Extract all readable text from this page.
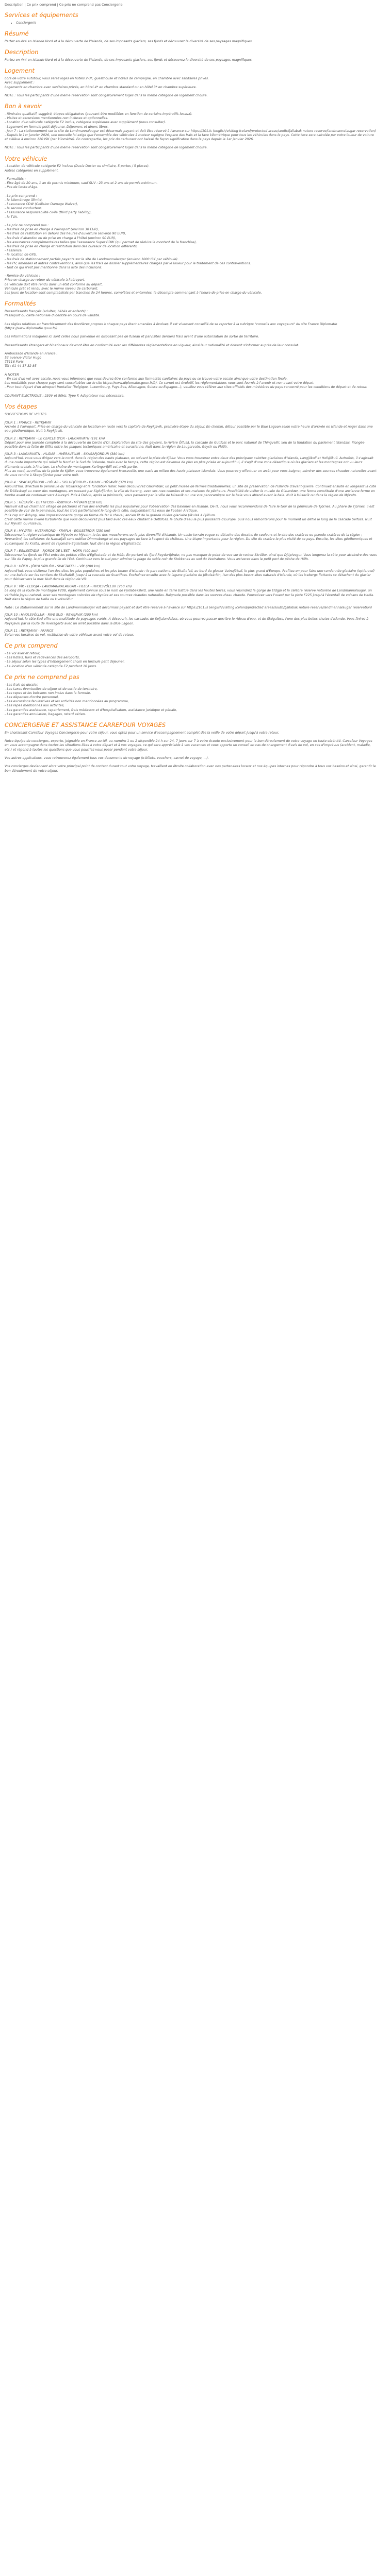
Description | Ce prix comprend | Ce prix ne comprend pas Conciergerie
Services et équipements
• Conciergerie
Résumé

Partez en 4x4 en Islande Nord et à la découverte de l'Islande, de ses imposants glaciers, ses fjords et découvrez la diversité de ses paysages magnifiques.

Description

Partez en 4x4 en Islande Nord et à la découverte de l'Islande, de ses imposants glaciers, ses fjords et découvrez la diversité de ses paysages magnifiques.

Logement
Lors de votre autotour, vous serez logés en hôtels 2-3*, guesthouse et hôtels de campagne, en chambre avec sanitaires privés.
Avec supplément :
Logements en chambre avec sanitaires privés, en hôtel 4* en chambre standard ou en hôtel 3* en chambre supérieure.

NOTE : Tous les participants d'une même réservation sont obligatoirement logés dans la même catégorie de logement choisie.
Bon à savoir
- Itinéraire qualitatif, suggéré, étapes obligatoires (pouvant être modifiées en fonction de certains impératifs locaux).
- Visites et excursions mentionnées non incluses et optionnelles.
- Location d'un véhicule catégorie E2 inclus, catégorie supérieure avec supplément (nous consulter).
- Logement en formule petit déjeuner. Déjeuners et diners libres.
- Jour 7 : La stationnement sur le site de Landmannalaugar est désormais payant et doit être réservé à l'avance sur https://101.is (english/visiting iceland/protected areas/south/fjallabak nature reserve/landmannalaugar reservation)
- Depuis le 1er janvier 2026, une nouvelle loi exige que l'ensemble des véhicules à moteur rejoigne l'espace des frais et la taxe kilométrique pour tous les véhicules dans le pays. Cette taxe sera calculée par votre loueur de voiture et s'élève à environ 120 ISK (par kilomètre). En contrepartie, les prix du carburant ont baissé de façon significative dans le pays depuis le 1er janvier 2026.

NOTE : Tous les participants d'une même réservation sont obligatoirement logés dans la même catégorie de logement choisie.
Votre véhicule
- Location de véhicule catégorie E2 incluse (Dacia Duster ou similaire, 5 portes / 5 places).
Autres catégories en supplément.

- Formalités :
- Être âgé de 20 ans, 1 an de permis minimum, sauf SUV : 23 ans et 2 ans de permis minimum.
- Pas de limite d'âge.

- Le prix comprend :
- le kilométrage illimité,
- l'assurance CDW (Collision Damage Waiver),
- le second conducteur,
- l'assurance responsabilité civile (third party liability),
- la TVA.

- Le prix ne comprend pas :
- les frais de prise en charge à l'aéroport (environ 30 EUR),
- les frais de restitution en dehors des heures d'ouverture (environ 90 EUR),
- les frais d'abandon ou de prise en charge à l'hôtel (environ 90 EUR),
- les assurances complémentaires telles que l'assurance Super CDW (qui permet de réduire le montant de la franchise),
- les frais de prise en charge et restitution dans des bureaux de location différents,
- l'essence,
- la location de GPS,
- les frais de stationnement parfois payants sur le site de Landmannalaugar (environ 1000 ISK par véhicule).
- les PV, amendes et autres contraventions, ainsi que les frais de dossier supplémentaires chargés par le loueur pour le traitement de ces contraventions,
- tout ce qui n'est pas mentionné dans la liste des inclusions.

- Remise du véhicule :
Prise en charge au retour du véhicule à l'aéroport.
Le véhicule doit être rendu dans un état conforme au départ.
Véhicule prêt et rendu avec le même niveau de carburant.
Les jours de location sont comptabilisés par tranches de 24 heures, complètes et entamées, le décompte commençant à l'heure de prise en charge du véhicule.
Formalités
Ressortissants français (adultes, bébés et enfants) :
Passeport ou carte nationale d'identité en cours de validité.

Les règles relatives au franchissement des frontières propres à chaque pays étant amenées à évoluer, il est vivement conseillé de se reporter à la rubrique "conseils aux voyageurs" du site France Diplomatie (https://www.diplomatie.gouv.fr/)

Les informations indiquées ici sont celles nous parvenue en disposant pas de fuseau et parvisites derniers frais avant d'une autorisation de sortie de territoire.

Ressortissants étrangers et binationaux devront être en conformité avec les différentes réglementations en vigueur, ainsi leur nationalité et doivent s'informer auprès de leur consulat.

Ambassade d'Islande en France :
52 avenue Victor Hugo
75116 Paris
Tél : 01 44 17 32 85

À NOTER
- En cas d'un vol avec escale, nous vous informons que vous devrez être conforme aux formalités sanitaires du pays ou se trouve votre escale ainsi que votre destination finale.
Les modalités pour chaque pays sont consultables sur le site https://www.diplomatie.gouv.fr/fr/. Ce carnet est évolutif, les réglementations nous sont fournis à l'avenir et non avant votre départ.
- Pour tout départ d'un aéroport frontalier (Belgique, Luxembourg, Pays-Bas, Allemagne, Suisse ou Espagne...), veuillez vous référer aux sites officiels des ministères du pays concerné pour les conditions de départ et de retour.

COURANT ÉLECTRIQUE : 230V et 50Hz. Type F. Adaptateur non nécessaire.
Vos étapes
SUGGESTIONS DE VISITES
JOUR 1 : FRANCE - REYKJAVIK

Arrivée à l'aéroport. Prise en charge du véhicule de location en route vers la capitale de Reykjavik, première étape du séjour. En chemin, détour possible par le Blue Lagoon selon votre heure d'arrivée en Islande et nager dans une eau géothermique. Nuit à Reykjavik.

JOUR 2 : REYKJAVIK - LE CERCLE D'OR - LAUGARVATN (191 km)

Départ pour une journée complète à la découverte du Cercle d'Or. Exploration du site des geysers, la rivière Ölfusá, la cascade de Gullfoss et le parc national de Thingvellir, lieu de la fondation du parlement islandais. Plongée possible dans la faille de Silfra entre les plaques tectoniques américaine et eurasienne. Nuit dans la région de Laugarvatn, Geysir ou Flúðir.

JOUR 3 : LAUGARVATN - HLIDÁR - HVERAVELLIR - SKAGAFJÖRDUR (380 km)

Aujourd'hui, vous vous dirigez vers le nord, dans la région des hauts plateaux, en suivant la piste de Kjölur. Vous vous trouverez entre deux des principaux calottes glaciaires d'Islande, Langjökull et Hofsjökull. Autrefois, il s'agissait d'une route importante qui reliait la Nord et le Sud de l'Islande, mais avec le temps, cette région est devenue de plus en plus prisée et aujourd'hui, il s'agit d'une zone désertique où les glaciers et les montagnes ont vu leurs éléments croisés à l'horizon. Le chaîne de montagnes Kerlingarfjöll est arrêt partie.
Plus au nord, au milieu de la piste de Kjölur, vous trouverez également Hveravellir, une oasis au milieu des hauts plateaux islandais. Vous pourrez y effectuer un arrêt pour vous baigner, admirer des sources chaudes naturelles avant de vous rendre à Skagafjördur pour votre nuit.

JOUR 4 : SKAGAFJÖRDUR - HÓLAR - SIGLUFJÖRDUR - DALVIK - HÚSAVÍK (370 km)

Aujourd'hui, direction la péninsule du Tröllaskagi et la fondation Hólar. Vous découvrirez Glaumbær, un petit musée de fermes traditionnelles, un site de préservation de l'Islande d'avant-guerre. Continuez ensuite en longeant la côte de Tröllaskagi au cœur des montagnes, en passant par Siglufjördur, la ville du hareng, avec ses rues colorées et ses maisons de pêcheurs. Possibilité de visiter le musée de Glaumbær, une ferme constituée d'une ancienne ferme en tourbe avant de continuer vers Akureyri. Puis à Dalvik, après la péninsule, vous passerez par la ville de Húsavík ou une vue panoramique sur la baie vous attend avant la baie. Nuit à Húsavík ou dans la région de Mývatn.

JOUR 5 : HÚSAVÍK - DETTIFOSS - ÁSBYRGI - MÝVATN (210 km)

Húsavík est un charmant village de pêcheurs et l'un des endroits les plus populaires pour l'observation des baleines en Islande. De là, nous vous recommandons de faire le tour de la péninsule de Tjörnes. Au phare de Tjörnes, il est possible de voir de la péninsule, tout les trois partiellement le long de la côte, surplombant les eaux de l'océan Arctique.
Puis cap sur Ásbyrgi, une impressionnante gorge en forme de fer à cheval, ancien lit de la grande rivière glaciaire Jökulsá á Fjöllum.
C'est cette même rivière turbulente que vous découvrirez plus tard avec ces eaux chutant à Dettifoss, la chute d'eau la plus puissante d'Europe, puis nous remonterons pour le moment un défilé le long de la cascade Selfoss. Nuit sur Mývatn ou Húsavík.

JOUR 6 : MÝVATN - HVERAROND - KRAFLA - EGILSSTADIR (250 km)

Découvrez la région volcanique de Mývatn ou Mývatn, le lac des moucherons ou le plus diversifié d'Islande. Un vaste terrain vague se détache des dessins de couleurs et le site des cratères ou pseudo-cratères de la région ; Hverarönd, les solfatares de Namafjall sans oublier Dimmuborgir et ses paysages de lave à l'aspect de château. Une étape importante pour la région. Du site du cratère le plus visité de ce pays. Ensuite, les sites géothermiques et volcaniques du Krafla, avant de rejoindre Egilsstadir. Nuit dans la région d'Egilsstadir.

JOUR 7 : EGILSSTADIR - FJORDS DE L'EST - HÖFN (400 km)

Découvrez les fjords de l'Est entre les petites villes d'Egilsstadir et de Höfn. En partant du fjord Reydarfjördur, ne pas manquer le point de vue sur le rocher Skrúður, ainsi que Djúpivogur. Vous longerez la côte pour atteindre des vues sur l'île de Papey, la plus grande île de l'Est. Continuez vers le sud pour admirer la plage de sable noir de Stokksnes au sud du Vestrahorn. Vous arriverez dans le petit port de pêche de Höfn.

JOUR 8 : HÖFN - JÖKULSÁRLÓN - SKAFTAFELL - VÍK (280 km)

Aujourd'hui, vous visiterez l'un des sites les plus populaires et les plus beaux d'Islande : le parc national de Skaftafell, au bord du glacier Vatnajökull, le plus grand d'Europe. Profitez-en pour faire une randonnée glaciaire (optionnel) ou une balade sur les sentiers de Skaftafell, jusqu'à la cascade de Svartifoss. Enchaînez ensuite avec la lagune glaciaire de Jökulsárlón, l'un des plus beaux sites naturels d'Islande, où les icebergs flottants se détachent du glacier pour dériver vers la mer. Nuit dans la région de Vík.

JOUR 9 : VÍK - ELDGJA - LANDMANNALAUGAR - HELLA - HVOLSVÖLLUR (250 km)

Le long de la route de montagne F208, également connue sous le nom de Fjallabaksleið, une route en terre battue dans les hautes terres, vous rejoindrez la gorge de Eldgjá et la célèbre réserve naturelle de Landmannalaugar, un véritable joyau naturel, avec ses montagnes colorées de rhyolite et ses sources chaudes naturelles. Baignade possible dans les sources d'eau chaude. Poursuivez vers l'ouest par la piste F225 jusqu'à l'éventail de volcans de Hekla. Nuit dans la région de Hella ou Hvolsvöllur.

Note : Le stationnement sur le site de Landmannalaugar est désormais payant et doit être réservé à l'avance sur https://101.is (english/visiting iceland/protected areas/south/fjallabak nature reserve/landmannalaugar reservation)

JOUR 10 : HVOLSVÖLLUR - RIVE SUD - REYKJAVIK (200 km)

Aujourd'hui, la côte Sud offre une multitude de paysages variés. À découvrir, les cascades de Seljalandsfoss, où vous pourrez passer derrière le rideau d'eau, et de Skógafoss, l'une des plus belles chutes d'Islande. Vous finirez à Reykjavik par la route de Hveragerði avec un arrêt possible dans la Blue Lagoon.

JOUR 11 : REYKJAVIK - FRANCE

Selon vos horaires de vol, restitution de votre véhicule avant votre vol de retour.

Ce prix comprend
- Le vol aller et retour,
- Les hôtels, hors et redevances des aéroports,
- Le séjour selon les types d'hébergement choisi en formule petit déjeuner,
- La location d'un véhicule catégorie E2 pendant 10 jours.
Ce prix ne comprend pas
- Les frais de dossier,
- Les taxes éventuelles de séjour et de sortie de territoire,
- Les repas et les boissons non inclus dans la formule,
- Les dépenses d'ordre personnel,
- Les excursions facultatives et les activités non mentionnées au programme,
- Les repas mentionnés aux activités,
- Les garanties assistance, rapatriement, frais médicaux et d'hospitalisation, assistance juridique et pénale,
- Les garanties annulation, bagages, retard aérien.
CONCIERGERIE ET ASSISTANCE CARREFOUR VOYAGES
En choisissant Carrefour Voyages Conciergerie pour votre séjour, vous optez pour un service d'accompagnement complet dès la veille de votre départ jusqu'à votre retour.

Notre équipe de concierges, experte, joignable en France au tél. au numéro 1 ou 2 disponible 24 h sur 24, 7 jours sur 7 à votre écoute exclusivement pour le bon déroulement de votre voyage en toute sérénité. Carrefour Voyages en vous accompagne dans toutes les situations liées à votre départ et à vos voyages, ce qui sera appréciable à vos vacances et vous apporte un conseil en cas de changement d'avis de vol, en cas d'imprévus (accident, maladie, etc.) et répond à toutes les questions que vous pourriez vous poser pendant votre séjour.

Vos autres applications, vous retrouverez également tous vos documents de voyage (e-billets, vouchers, carnet de voyage, ...).

Vos concierges deviennent alors votre principal point de contact durant tout votre voyage, travaillent en étroite collaboration avec nos partenaires locaux et nos équipes internes pour répondre à tous vos besoins et ainsi, garantir le bon déroulement de votre séjour.
